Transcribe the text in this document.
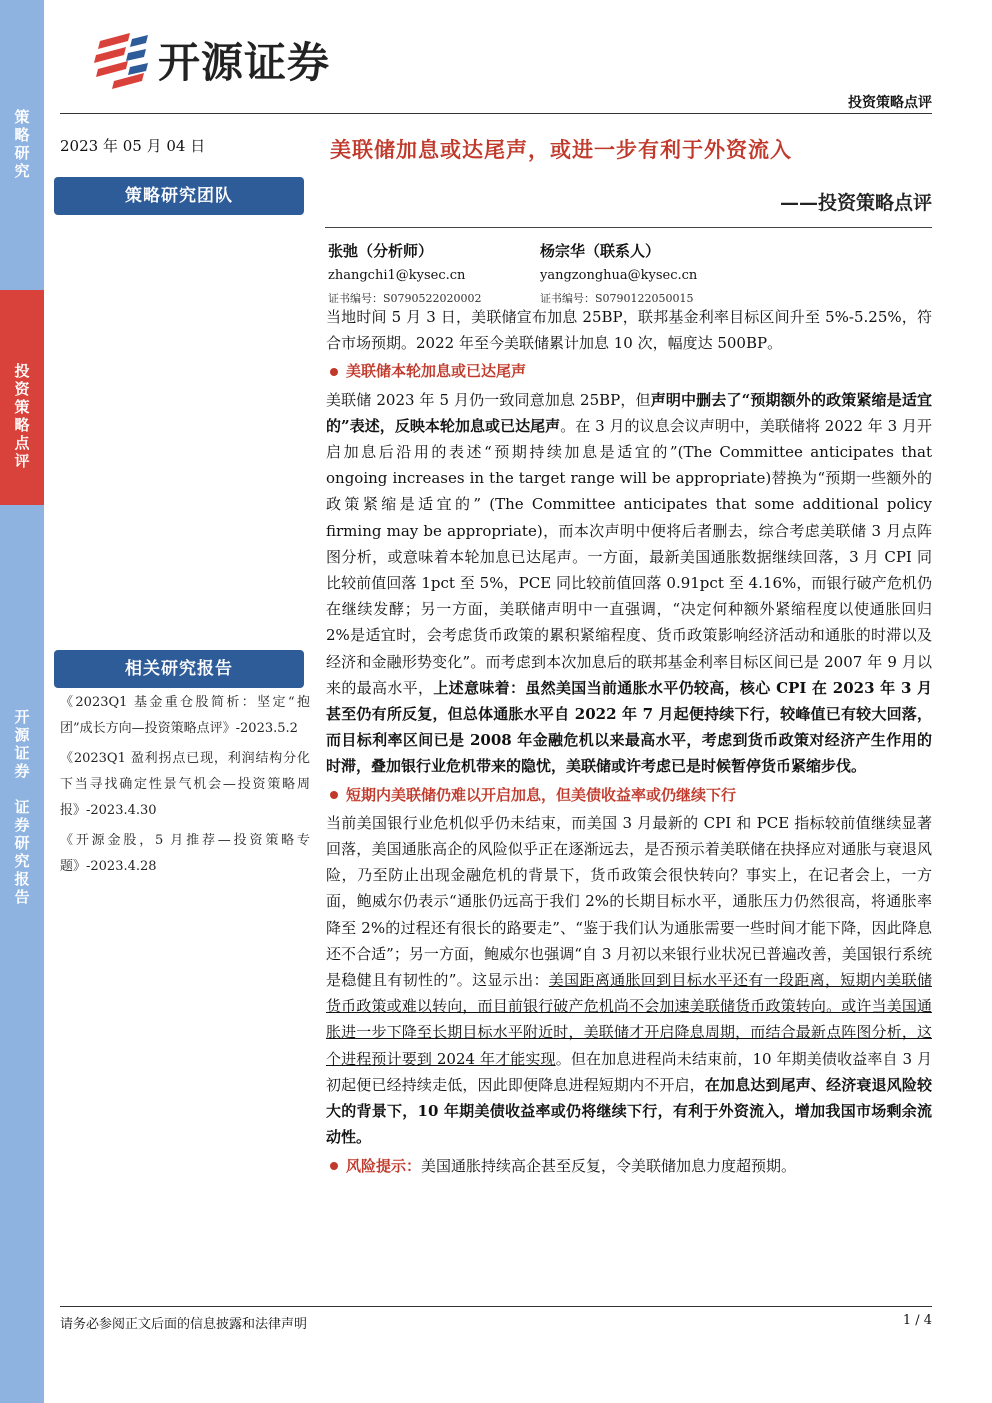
策
略
研
究
投
资
策
略
点
评
开
源
证
券

证
券
研
究
报
告
开源证券
投资策略点评
2023 年 05 月 04 日	美联储加息或达尾声，或进一步有利于外资流入
——投资策略点评
策略研究团队
相关研究报告
《2023Q1 基金重仓股简析：坚定“抱团”成长方向—投资策略点评》-2023.5.2
《2023Q1 盈利拐点已现，利润结构分化下当寻找确定性景气机会—投资策略周报》-2023.4.30
《开源金股，5 月推荐—投资策略专题》-2023.4.28
张弛（分析师）
zhangchi1@kysec.cn
证书编号：S0790522020002
杨宗华（联系人）
yangzonghua@kysec.cn
证书编号：S0790122050015

当地时间 5 月 3 日，美联储宣布加息 25BP，联邦基金利率目标区间升至 5%-5.25%，符合市场预期。2022 年至今美联储累计加息 10 次，幅度达 500BP。

美联储本轮加息或已达尾声

美联储 2023 年 5 月仍一致同意加息 25BP，但声明中删去了“预期额外的政策紧缩是适宜的”表述，反映本轮加息或已达尾声。在 3 月的议息会议声明中，美联储将 2022 年 3 月开启加息后沿用的表述“预期持续加息是适宜的”(The Committee anticipates that ongoing increases in the target range will be appropriate)替换为“预期一些额外的政策紧缩是适宜的” (The Committee anticipates that some additional policy firming may be appropriate)，而本次声明中便将后者删去，综合考虑美联储 3 月点阵图分析，或意味着本轮加息已达尾声。一方面，最新美国通胀数据继续回落，3 月 CPI 同比较前值回落 1pct 至 5%，PCE 同比较前值回落 0.91pct 至 4.16%，而银行破产危机仍在继续发酵；另一方面，美联储声明中一直强调，“决定何种额外紧缩程度以使通胀回归 2%是适宜时，会考虑货币政策的累积紧缩程度、货币政策影响经济活动和通胀的时滞以及经济和金融形势变化”。而考虑到本次加息后的联邦基金利率目标区间已是 2007 年 9 月以来的最高水平，上述意味着：虽然美国当前通胀水平仍较高，核心 CPI 在 2023 年 3 月甚至仍有所反复，但总体通胀水平自 2022 年 7 月起便持续下行，较峰值已有较大回落，而目标利率区间已是 2008 年金融危机以来最高水平，考虑到货币政策对经济产生作用的时滞，叠加银行业危机带来的隐忧，美联储或许考虑已是时候暂停货币紧缩步伐。

短期内美联储仍难以开启加息，但美债收益率或仍继续下行

当前美国银行业危机似乎仍未结束，而美国 3 月最新的 CPI 和 PCE 指标较前值继续显著回落，美国通胀高企的风险似乎正在逐渐远去，是否预示着美联储在抉择应对通胀与衰退风险，乃至防止出现金融危机的背景下，货币政策会很快转向？事实上，在记者会上，一方面，鲍威尔仍表示“通胀仍远高于我们 2%的长期目标水平，通胀压力仍然很高，将通胀率降至 2%的过程还有很长的路要走”、“鉴于我们认为通胀需要一些时间才能下降，因此降息还不合适”；另一方面，鲍威尔也强调“自 3 月初以来银行业状况已普遍改善，美国银行系统是稳健且有韧性的”。这显示出：美国距离通胀回到目标水平还有一段距离，短期内美联储货币政策或难以转向，而目前银行破产危机尚不会加速美联储货币政策转向。或许当美国通胀进一步下降至长期目标水平附近时，美联储才开启降息周期，而结合最新点阵图分析，这个进程预计要到 2024 年才能实现。但在加息进程尚未结束前，10 年期美债收益率自 3 月初起便已经持续走低，因此即便降息进程短期内不开启，在加息达到尾声、经济衰退风险较大的背景下，10 年期美债收益率或仍将继续下行，有利于外资流入，增加我国市场剩余流动性。

风险提示： 美国通胀持续高企甚至反复，令美联储加息力度超预期。
请务必参阅正文后面的信息披露和法律声明	1 / 4
